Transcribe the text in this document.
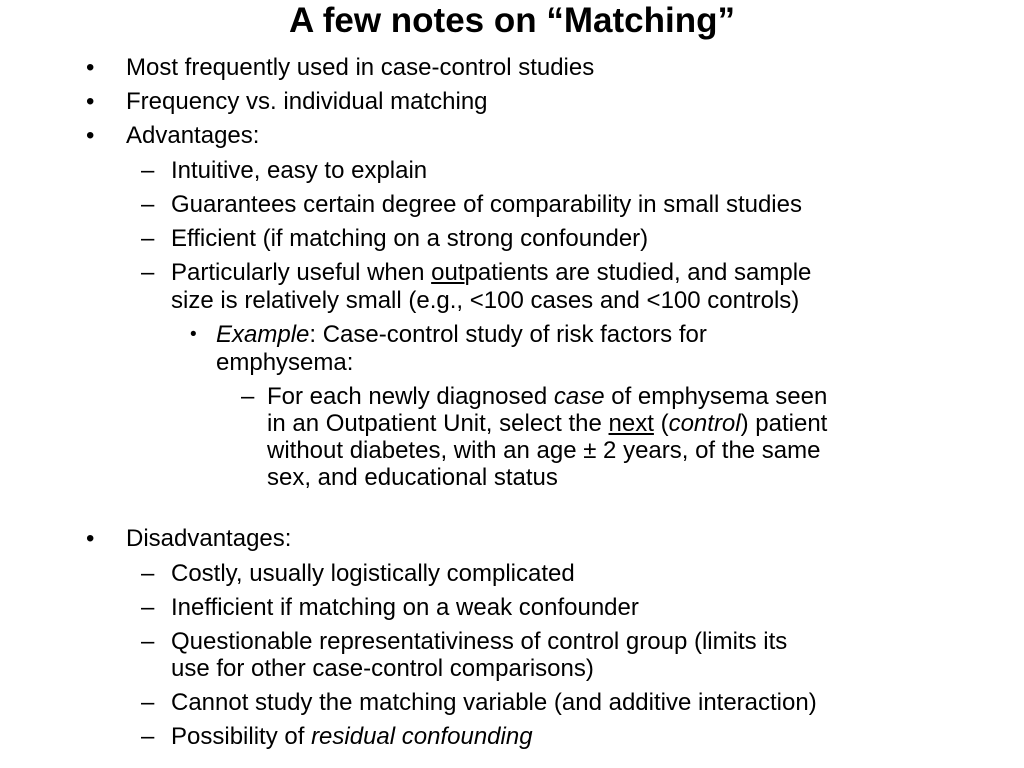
A few notes on “Matching”
• Most frequently used in case-control studies

• Frequency vs. individual matching

• Advantages:

– Intuitive, easy to explain

– Guarantees certain degree of comparability in small studies

– Efficient (if matching on a strong confounder)

– Particularly useful when outpatients are studied, and sample

size is relatively small (e.g., <100 cases and <100 controls)

• Example: Case-control study of risk factors for

emphysema:

– For each newly diagnosed case of emphysema seen

in an Outpatient Unit, select the next (control) patient

without diabetes, with an age ± 2 years, of the same

sex, and educational status

• Disadvantages:

– Costly, usually logistically complicated

– Inefficient if matching on a weak confounder

– Questionable representativiness of control group (limits its

use for other case-control comparisons)

– Cannot study the matching variable (and additive interaction)

– Possibility of residual confounding
